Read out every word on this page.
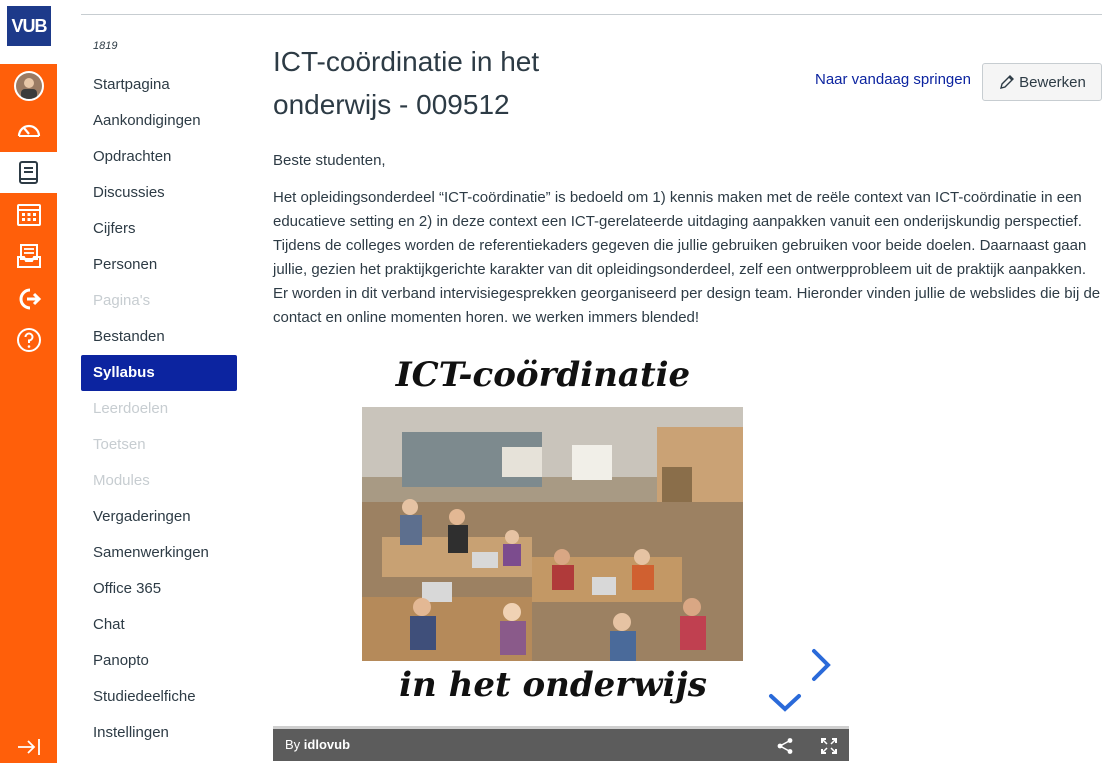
VUB
1819
Startpagina
Aankondigingen
Opdrachten
Discussies
Cijfers
Personen
Pagina's
Bestanden
Syllabus
Leerdoelen
Toetsen
Modules
Vergaderingen
Samenwerkingen
Office 365
Chat
Panopto
Studiedeelfiche
Instellingen
ICT-coördinatie in het onderwijs - 009512
Naar vandaag springen	Bewerken

Beste studenten,

Het opleidingsonderdeel “ICT-coördinatie” is bedoeld om 1) kennis maken met de reële context van ICT-coördinatie in een educatieve setting en 2) in deze context een ICT-gerelateerde uitdaging aanpakken vanuit een onderijskundig perspectief. Tijdens de colleges worden de referentiekaders gegeven die jullie gebruiken gebruiken voor beide doelen. Daarnaast gaan jullie, gezien het praktijkgerichte karakter van dit opleidingsonderdeel, zelf een ontwerpprobleem uit de praktijk aanpakken. Er worden in dit verband intervisiegesprekken georganiseerd per design team. Hieronder vinden jullie de webslides die bij de contact en online momenten horen. we werken immers blended!

ICT-coördinatie
in het onderwijs
By idlovub
